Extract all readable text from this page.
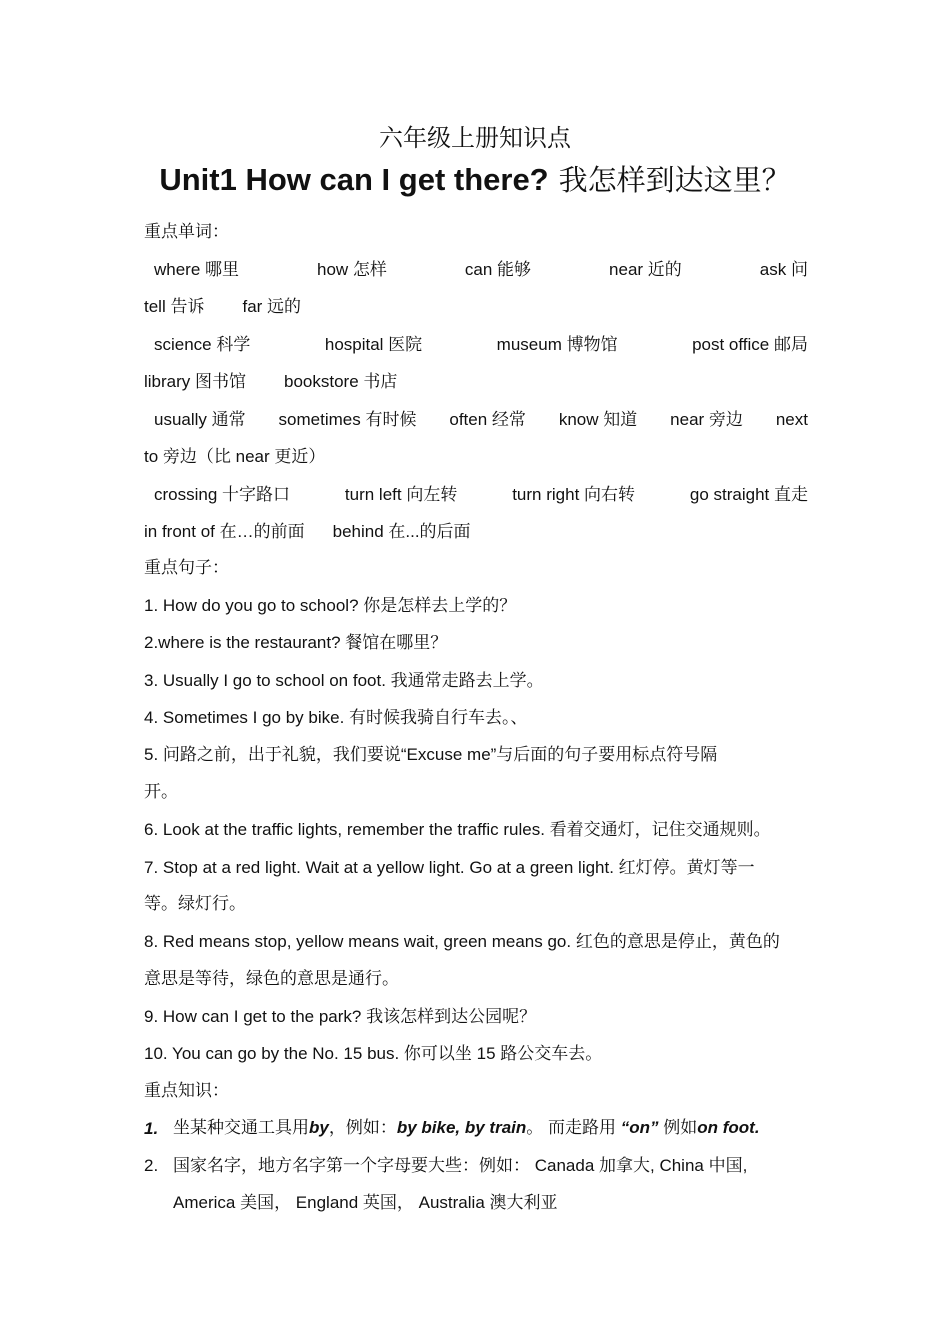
六年级上册知识点
Unit1 How can I get there? 我怎样到达这里？
重点单词：
where 哪里	how 怎样	can 能够	near 近的	ask 问
tell 告诉 far 远的
science 科学	hospital 医院	museum 博物馆	post office 邮局
library 图书馆 bookstore 书店
usually 通常 sometimes 有时候 often 经常 know 知道 near 旁边 next
to 旁边（比 near 更近）
crossing 十字路口	turn left 向左转	turn right 向右转	go straight 直走
in front of 在…的前面 behind 在...的后面
重点句子：
1. How do you go to school? 你是怎样去上学的？
2.where is the restaurant? 餐馆在哪里？
3. Usually I go to school on foot. 我通常走路去上学。
4. Sometimes I go by bike. 有时候我骑自行车去。、
5. 问路之前，出于礼貌，我们要说“Excuse me”与后面的句子要用标点符号隔
开。
6. Look at the traffic lights, remember the traffic rules. 看着交通灯，记住交通规则。
7. Stop at a red light. Wait at a yellow light. Go at a green light. 红灯停。黄灯等一
等。绿灯行。
8. Red means stop, yellow means wait, green means go. 红色的意思是停止，黄色的
意思是等待，绿色的意思是通行。
9. How can I get to the park? 我该怎样到达公园呢？
10. You can go by the No. 15 bus. 你可以坐 15 路公交车去。
重点知识：
1. 坐某种交通工具用by，例如：by bike, by train。 而走路用 “on” 例如on foot.
2. 国家名字，地方名字第一个字母要大些：例如： Canada 加拿大, China 中国,
America 美国， England 英国， Australia 澳大利亚
